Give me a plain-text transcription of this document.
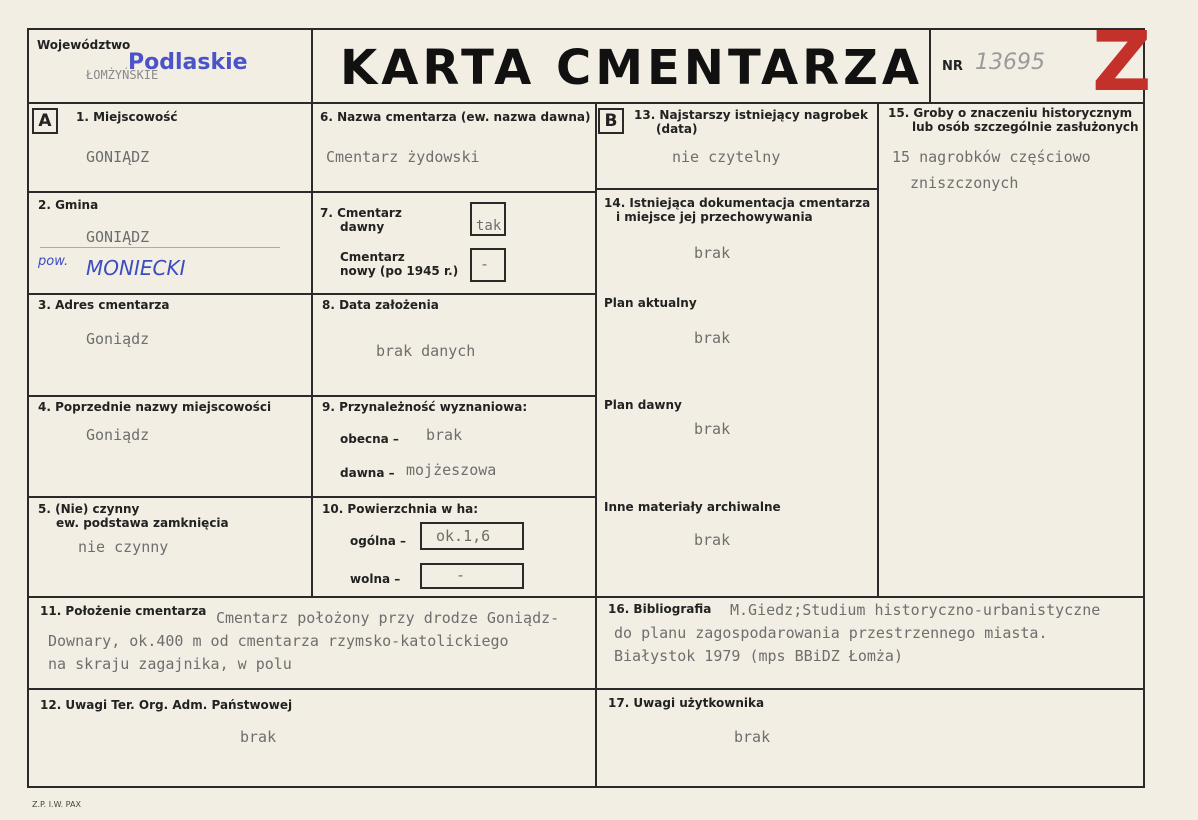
Województwo
Podlaskie
ŁOMŻYŃSKIE	KARTA CMENTARZA NR 13695 Z
A	1. Miejscowość
GONIĄDZ
2. Gmina
GONIĄDZ
pow. MONIECKI
3. Adres cmentarza
Goniądz
4. Poprzednie nazwy miejscowości
Goniądz
5. (Nie) czynny
ew. podstawa zamknięcia
nie czynny
6. Nazwa cmentarza (ew. nazwa dawna)
Cmentarz żydowski
7. Cmentarz
dawny	tak
Cmentarz
nowy (po 1945 r.) -
8. Data założenia
brak danych
9. Przynależność wyznaniowa:
obecna – brak
dawna – mojżeszowa
10. Powierzchnia w ha:
ogólna – ok.1,6
wolna –	-
B	13. Najstarszy istniejący nagrobek
(data)
nie czytelny
14. Istniejąca dokumentacja cmentarza
i miejsce jej przechowywania
brak
Plan aktualny
brak
Plan dawny
brak
Inne materiały archiwalne
brak
15. Groby o znaczeniu historycznym
lub osób szczególnie zasłużonych
15 nagrobków częściowo
zniszczonych
11. Położenie cmentarza Cmentarz położony przy drodze Goniądz-
Downary, ok.400 m od cmentarza rzymsko-katolickiego
na skraju zagajnika, w polu
16. Bibliografia M.Giedz;Studium historyczno-urbanistyczne
do planu zagospodarowania przestrzennego miasta.
Białystok 1979 (mps BBiDZ Łomża)
12. Uwagi Ter. Org. Adm. Państwowej
brak
17. Uwagi użytkownika
brak
Z.P. I.W. PAX
